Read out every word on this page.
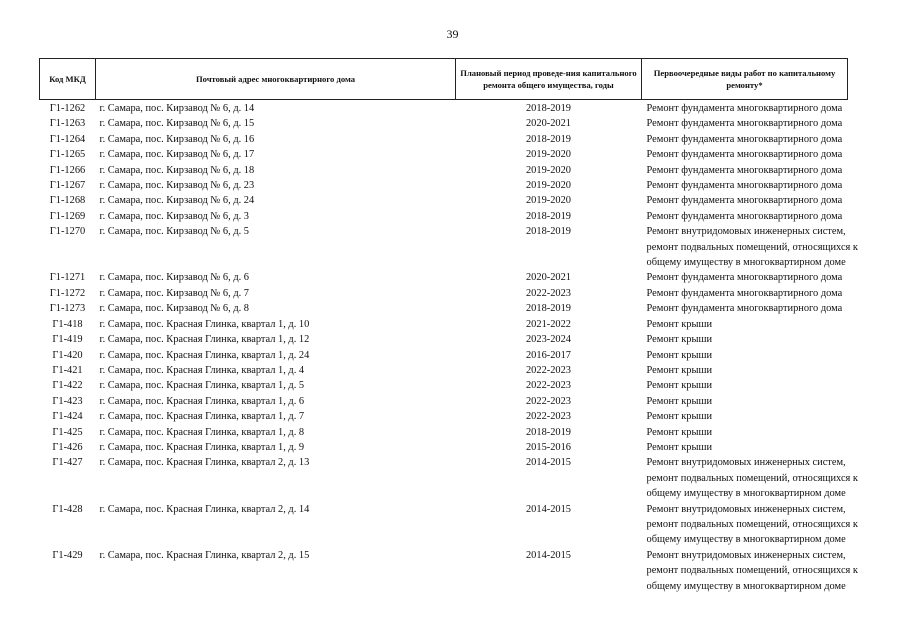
39
Код МКД	Почтовый адрес многоквартирного дома	Плановый период проведе-ния капитального ремонта общего имущества, годы	Первоочередные виды работ по капитальному ремонту*
Г1-1262	г. Самара, пос. Кирзавод № 6, д. 14	2018-2019	Ремонт фундамента многоквартирного дома

Г1-1263	г. Самара, пос. Кирзавод № 6, д. 15	2020-2021	Ремонт фундамента многоквартирного дома

Г1-1264	г. Самара, пос. Кирзавод № 6, д. 16	2018-2019	Ремонт фундамента многоквартирного дома

Г1-1265	г. Самара, пос. Кирзавод № 6, д. 17	2019-2020	Ремонт фундамента многоквартирного дома

Г1-1266	г. Самара, пос. Кирзавод № 6, д. 18	2019-2020	Ремонт фундамента многоквартирного дома

Г1-1267	г. Самара, пос. Кирзавод № 6, д. 23	2019-2020	Ремонт фундамента многоквартирного дома

Г1-1268	г. Самара, пос. Кирзавод № 6, д. 24	2019-2020	Ремонт фундамента многоквартирного дома

Г1-1269	г. Самара, пос. Кирзавод № 6, д. 3	2018-2019	Ремонт фундамента многоквартирного дома

Г1-1270	г. Самара, пос. Кирзавод № 6, д. 5	2018-2019	Ремонт внутридомовых инженерных систем,
ремонт подвальных помещений, относящихся к
общему имуществу в многоквартирном доме

Г1-1271	г. Самара, пос. Кирзавод № 6, д. 6	2020-2021	Ремонт фундамента многоквартирного дома

Г1-1272	г. Самара, пос. Кирзавод № 6, д. 7	2022-2023	Ремонт фундамента многоквартирного дома

Г1-1273	г. Самара, пос. Кирзавод № 6, д. 8	2018-2019	Ремонт фундамента многоквартирного дома

Г1-418	г. Самара, пос. Красная Глинка, квартал 1, д. 10	2021-2022	Ремонт крыши

Г1-419	г. Самара, пос. Красная Глинка, квартал 1, д. 12	2023-2024	Ремонт крыши

Г1-420	г. Самара, пос. Красная Глинка, квартал 1, д. 24	2016-2017	Ремонт крыши

Г1-421	г. Самара, пос. Красная Глинка, квартал 1, д. 4	2022-2023	Ремонт крыши

Г1-422	г. Самара, пос. Красная Глинка, квартал 1, д. 5	2022-2023	Ремонт крыши

Г1-423	г. Самара, пос. Красная Глинка, квартал 1, д. 6	2022-2023	Ремонт крыши

Г1-424	г. Самара, пос. Красная Глинка, квартал 1, д. 7	2022-2023	Ремонт крыши

Г1-425	г. Самара, пос. Красная Глинка, квартал 1, д. 8	2018-2019	Ремонт крыши

Г1-426	г. Самара, пос. Красная Глинка, квартал 1, д. 9	2015-2016	Ремонт крыши

Г1-427	г. Самара, пос. Красная Глинка, квартал 2, д. 13	2014-2015	Ремонт внутридомовых инженерных систем,
ремонт подвальных помещений, относящихся к
общему имуществу в многоквартирном доме

Г1-428	г. Самара, пос. Красная Глинка, квартал 2, д. 14	2014-2015	Ремонт внутридомовых инженерных систем,
ремонт подвальных помещений, относящихся к
общему имуществу в многоквартирном доме

Г1-429	г. Самара, пос. Красная Глинка, квартал 2, д. 15	2014-2015	Ремонт внутридомовых инженерных систем,
ремонт подвальных помещений, относящихся к
общему имуществу в многоквартирном доме
